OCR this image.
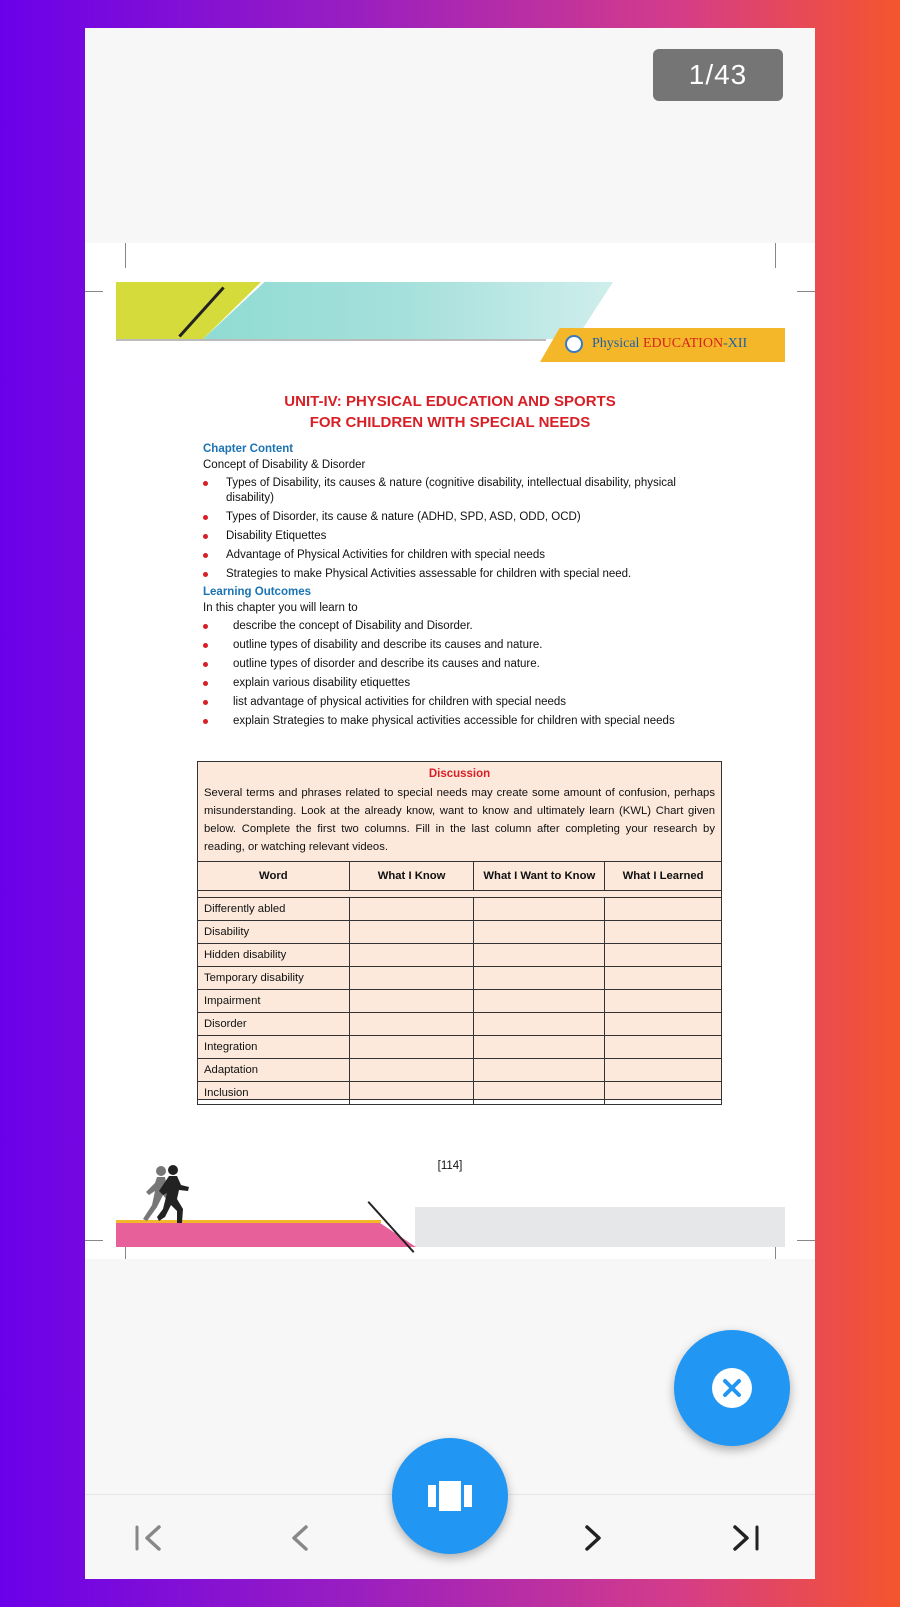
1/43
Physical EDUCATION-XII
UNIT-IV: PHYSICAL EDUCATION AND SPORTS
FOR CHILDREN WITH SPECIAL NEEDS
Chapter Content
Concept of Disability & Disorder
Types of Disability, its causes & nature (cognitive disability, intellectual disability, physical disability)
Types of Disorder, its cause & nature (ADHD, SPD, ASD, ODD, OCD)
Disability Etiquettes
Advantage of Physical Activities for children with special needs
Strategies to make Physical Activities assessable for children with special need.
Learning Outcomes
In this chapter you will learn to
describe the concept of Disability and Disorder.
outline types of disability and describe its causes and nature.
outline types of disorder and describe its causes and nature.
explain various disability etiquettes
list advantage of physical activities for children with special needs
explain Strategies to make physical activities accessible for children with special needs
Discussion
Several terms and phrases related to special needs may create some amount of confusion, perhaps misunderstanding. Look at the already know, want to know and ultimately learn (KWL) Chart given below. Complete the first two columns. Fill in the last column after completing your research by reading, or watching relevant videos.
Word	What I Know	What I Want to Know	What I Learned

Differently abled			
Disability			
Hidden disability			
Temporary disability			
Impairment			
Disorder			
Integration			
Adaptation			
Inclusion			
[114]
